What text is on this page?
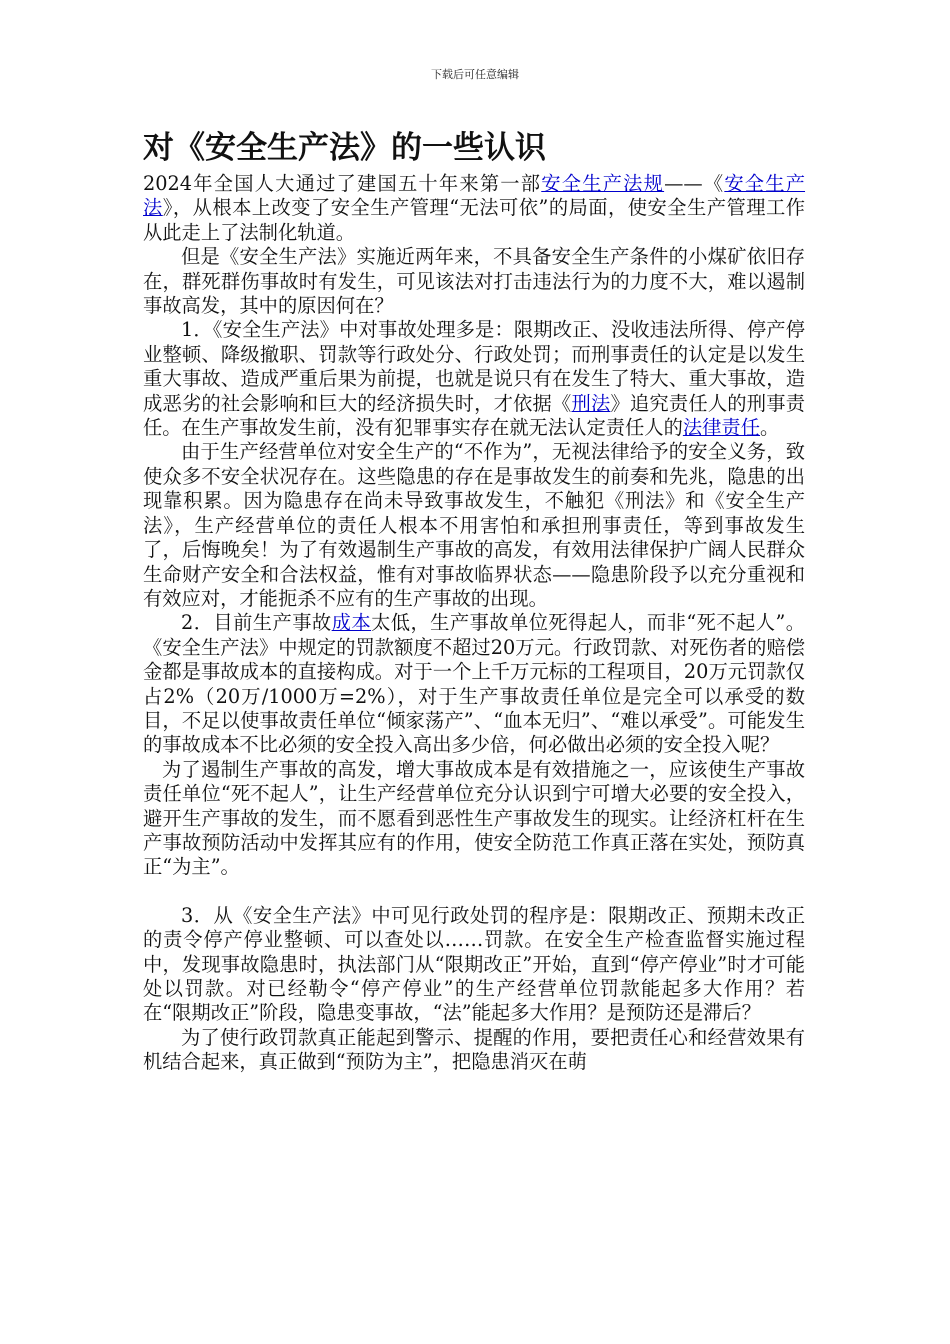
下载后可任意编辑
对《安全生产法》的一些认识

2024年全国人大通过了建国五十年来第一部安全生产法规——《安全生产法》，从根本上改变了安全生产管理“无法可依”的局面，使安全生产管理工作从此走上了法制化轨道。

但是《安全生产法》实施近两年来，不具备安全生产条件的小煤矿依旧存在，群死群伤事故时有发生，可见该法对打击违法行为的力度不大，难以遏制事故高发，其中的原因何在？

1．《安全生产法》中对事故处理多是：限期改正、没收违法所得、停产停业整顿、降级撤职、罚款等行政处分、行政处罚；而刑事责任的认定是以发生重大事故、造成严重后果为前提，也就是说只有在发生了特大、重大事故，造成恶劣的社会影响和巨大的经济损失时，才依据《刑法》追究责任人的刑事责任。在生产事故发生前，没有犯罪事实存在就无法认定责任人的法律责任。

由于生产经营单位对安全生产的“不作为”，无视法律给予的安全义务，致使众多不安全状况存在。这些隐患的存在是事故发生的前奏和先兆，隐患的出现靠积累。因为隐患存在尚未导致事故发生，不触犯《刑法》和《安全生产法》，生产经营单位的责任人根本不用害怕和承担刑事责任，等到事故发生了，后悔晚矣！为了有效遏制生产事故的高发，有效用法律保护广阔人民群众生命财产安全和合法权益，惟有对事故临界状态——隐患阶段予以充分重视和有效应对，才能扼杀不应有的生产事故的出现。

2．目前生产事故成本太低，生产事故单位死得起人，而非“死不起人”。《安全生产法》中规定的罚款额度不超过20万元。行政罚款、对死伤者的赔偿金都是事故成本的直接构成。对于一个上千万元标的工程项目，20万元罚款仅占2%（20万/1000万=2%），对于生产事故责任单位是完全可以承受的数目，不足以使事故责任单位“倾家荡产”、“血本无归”、“难以承受”。可能发生的事故成本不比必须的安全投入高出多少倍，何必做出必须的安全投入呢？

为了遏制生产事故的高发，增大事故成本是有效措施之一，应该使生产事故责任单位“死不起人”，让生产经营单位充分认识到宁可增大必要的安全投入，避开生产事故的发生，而不愿看到恶性生产事故发生的现实。让经济杠杆在生产事故预防活动中发挥其应有的作用，使安全防范工作真正落在实处，预防真正“为主”。

3．从《安全生产法》中可见行政处罚的程序是：限期改正、预期未改正的责令停产停业整顿、可以查处以……罚款。在安全生产检查监督实施过程中，发现事故隐患时，执法部门从“限期改正”开始，直到“停产停业”时才可能处以罚款。对已经勒令“停产停业”的生产经营单位罚款能起多大作用？若在“限期改正”阶段，隐患变事故，“法”能起多大作用？是预防还是滞后？

为了使行政罚款真正能起到警示、提醒的作用，要把责任心和经营效果有机结合起来，真正做到“预防为主”，把隐患消灭在萌
